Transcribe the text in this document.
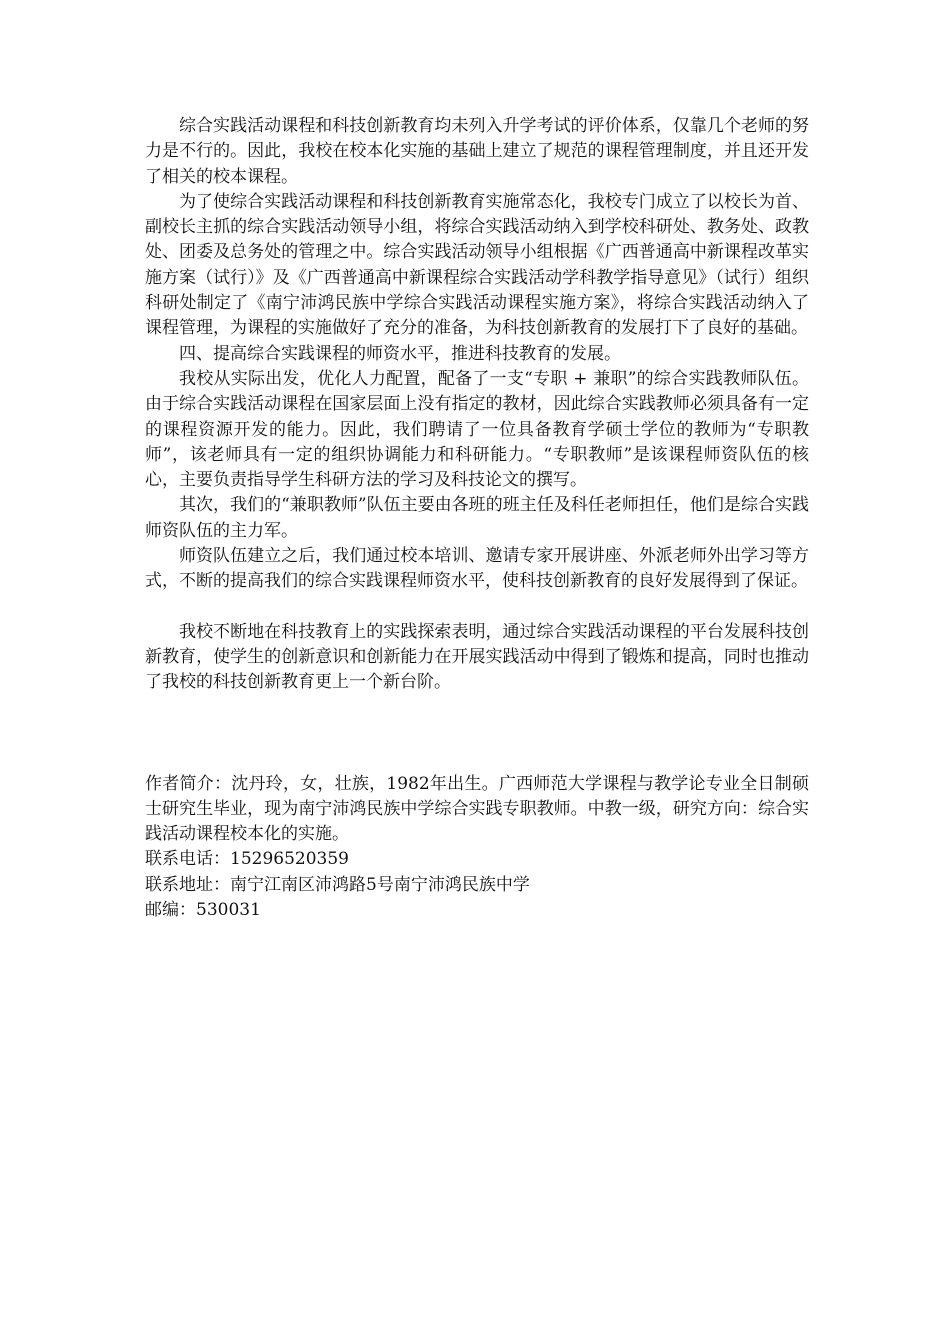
综合实践活动课程和科技创新教育均未列入升学考试的评价体系，仅靠几个老师的努力是不行的。因此，我校在校本化实施的基础上建立了规范的课程管理制度，并且还开发了相关的校本课程。

为了使综合实践活动课程和科技创新教育实施常态化，我校专门成立了以校长为首、副校长主抓的综合实践活动领导小组，将综合实践活动纳入到学校科研处、教务处、政教处、团委及总务处的管理之中。综合实践活动领导小组根据《广西普通高中新课程改革实施方案（试行）》及《广西普通高中新课程综合实践活动学科教学指导意见》（试行）组织科研处制定了《南宁沛鸿民族中学综合实践活动课程实施方案》，将综合实践活动纳入了课程管理，为课程的实施做好了充分的准备，为科技创新教育的发展打下了良好的基础。

四、提高综合实践课程的师资水平，推进科技教育的发展。

我校从实际出发，优化人力配置，配备了一支“专职 + 兼职”的综合实践教师队伍。由于综合实践活动课程在国家层面上没有指定的教材，因此综合实践教师必须具备有一定的课程资源开发的能力。因此，我们聘请了一位具备教育学硕士学位的教师为“专职教师”，该老师具有一定的组织协调能力和科研能力。“专职教师”是该课程师资队伍的核心，主要负责指导学生科研方法的学习及科技论文的撰写。

其次，我们的“兼职教师”队伍主要由各班的班主任及科任老师担任，他们是综合实践师资队伍的主力军。

师资队伍建立之后，我们通过校本培训、邀请专家开展讲座、外派老师外出学习等方式，不断的提高我们的综合实践课程师资水平，使科技创新教育的良好发展得到了保证。

我校不断地在科技教育上的实践探索表明，通过综合实践活动课程的平台发展科技创新教育，使学生的创新意识和创新能力在开展实践活动中得到了锻炼和提高，同时也推动了我校的科技创新教育更上一个新台阶。

作者简介：沈丹玲，女，壮族，1982年出生。广西师范大学课程与教学论专业全日制硕士研究生毕业，现为南宁沛鸿民族中学综合实践专职教师。中教一级，研究方向：综合实践活动课程校本化的实施。

联系电话：15296520359

联系地址：南宁江南区沛鸿路5号南宁沛鸿民族中学

邮编：530031
